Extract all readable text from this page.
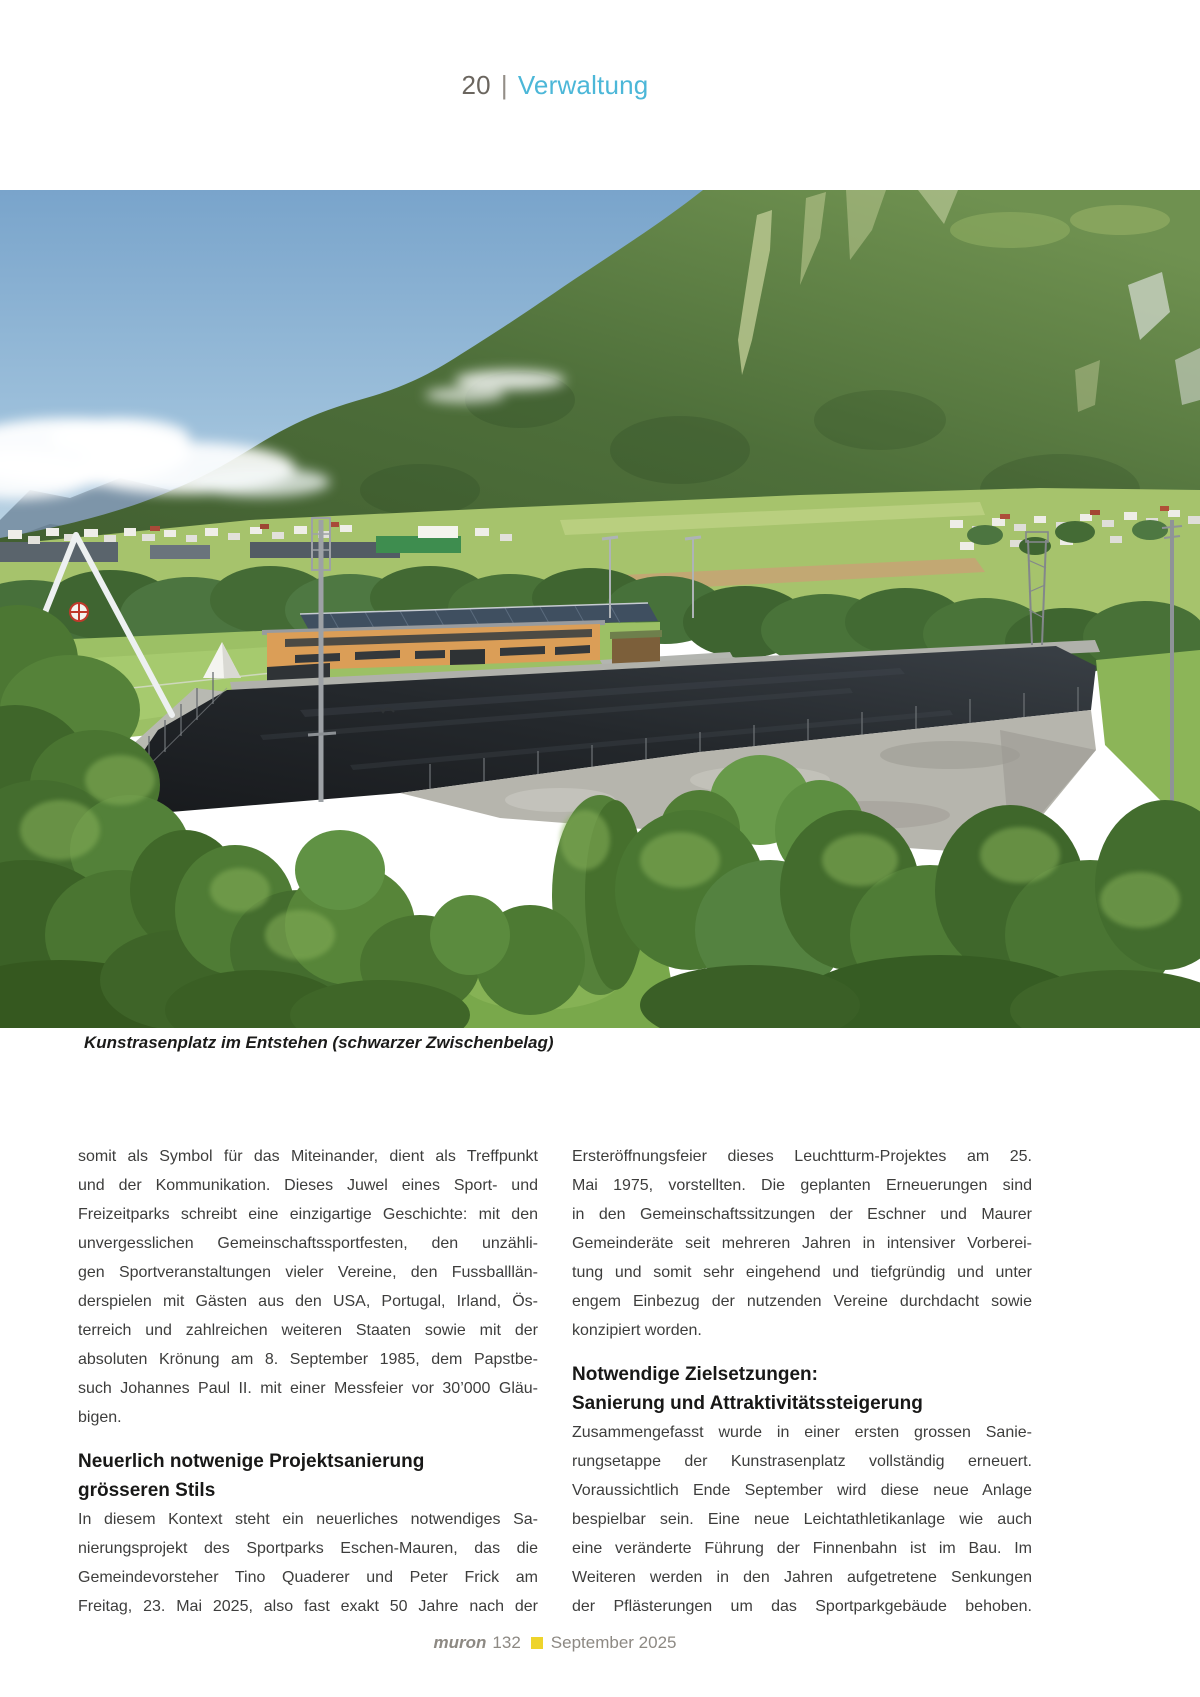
20 | Verwaltung
Kunstrasenplatz im Entstehen (schwarzer Zwischenbelag)
somit als Symbol für das Miteinander, dient als Treffpunkt
und der Kommunikation. Dieses Juwel eines Sport- und
Freizeitparks schreibt eine einzigartige Geschichte: mit den
unvergesslichen Gemeinschaftssportfesten, den unzähli-
gen Sportveranstaltungen vieler Vereine, den Fussballlän-
derspielen mit Gästen aus den USA, Portugal, Irland, Ös-
terreich und zahlreichen weiteren Staaten sowie mit der
absoluten Krönung am 8. September 1985, dem Papstbe-
such Johannes Paul II. mit einer Messfeier vor 30’000 Gläu-
bigen.
Neuerlich notwenige Projektsanierung
grösseren Stils
In diesem Kontext steht ein neuerliches notwendiges Sa-
nierungsprojekt des Sportparks Eschen-Mauren, das die
Gemeindevorsteher Tino Quaderer und Peter Frick am
Freitag, 23. Mai 2025, also fast exakt 50 Jahre nach der
Ersteröffnungsfeier dieses Leuchtturm-Projektes am 25.
Mai 1975, vorstellten. Die geplanten Erneuerungen sind
in den Gemeinschaftssitzungen der Eschner und Maurer
Gemeinderäte seit mehreren Jahren in intensiver Vorberei-
tung und somit sehr eingehend und tiefgründig und unter
engem Einbezug der nutzenden Vereine durchdacht sowie
konzipiert worden.
Notwendige Zielsetzungen:
Sanierung und Attraktivitätssteigerung
Zusammengefasst wurde in einer ersten grossen Sanie-
rungsetappe der Kunstrasenplatz vollständig erneuert.
Voraussichtlich Ende September wird diese neue Anlage
bespielbar sein. Eine neue Leichtathletikanlage wie auch
eine veränderte Führung der Finnenbahn ist im Bau. Im
Weiteren werden in den Jahren aufgetretene Senkungen
der Pflästerungen um das Sportparkgebäude behoben.
muron 132 September 2025
